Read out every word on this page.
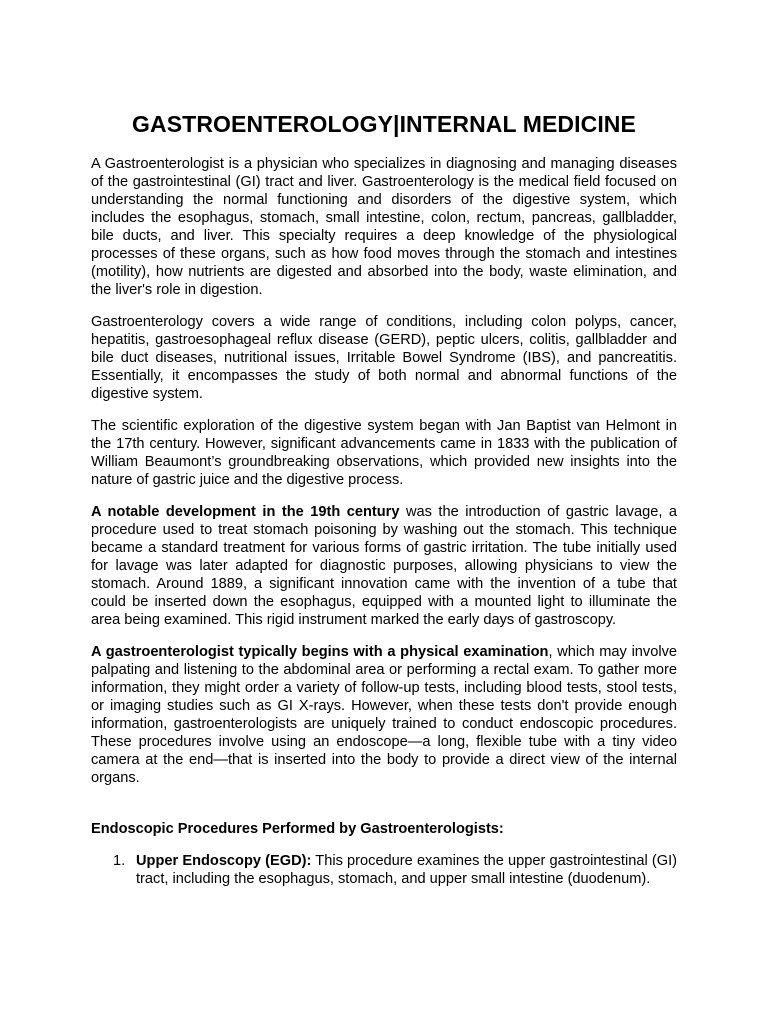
GASTROENTEROLOGY|INTERNAL MEDICINE

A Gastroenterologist is a physician who specializes in diagnosing and managing diseases of the gastrointestinal (GI) tract and liver. Gastroenterology is the medical field focused on understanding the normal functioning and disorders of the digestive system, which includes the esophagus, stomach, small intestine, colon, rectum, pancreas, gallbladder, bile ducts, and liver. This specialty requires a deep knowledge of the physiological processes of these organs, such as how food moves through the stomach and intestines (motility), how nutrients are digested and absorbed into the body, waste elimination, and the liver's role in digestion.

Gastroenterology covers a wide range of conditions, including colon polyps, cancer, hepatitis, gastroesophageal reflux disease (GERD), peptic ulcers, colitis, gallbladder and bile duct diseases, nutritional issues, Irritable Bowel Syndrome (IBS), and pancreatitis. Essentially, it encompasses the study of both normal and abnormal functions of the digestive system.

The scientific exploration of the digestive system began with Jan Baptist van Helmont in the 17th century. However, significant advancements came in 1833 with the publication of William Beaumont’s groundbreaking observations, which provided new insights into the nature of gastric juice and the digestive process.

A notable development in the 19th century was the introduction of gastric lavage, a procedure used to treat stomach poisoning by washing out the stomach. This technique became a standard treatment for various forms of gastric irritation. The tube initially used for lavage was later adapted for diagnostic purposes, allowing physicians to view the stomach. Around 1889, a significant innovation came with the invention of a tube that could be inserted down the esophagus, equipped with a mounted light to illuminate the area being examined. This rigid instrument marked the early days of gastroscopy.

A gastroenterologist typically begins with a physical examination, which may involve palpating and listening to the abdominal area or performing a rectal exam. To gather more information, they might order a variety of follow-up tests, including blood tests, stool tests, or imaging studies such as GI X-rays. However, when these tests don't provide enough information, gastroenterologists are uniquely trained to conduct endoscopic procedures. These procedures involve using an endoscope—a long, flexible tube with a tiny video camera at the end—that is inserted into the body to provide a direct view of the internal organs.

Endoscopic Procedures Performed by Gastroenterologists:
1. Upper Endoscopy (EGD): This procedure examines the upper gastrointestinal (GI) tract, including the esophagus, stomach, and upper small intestine (duodenum).
